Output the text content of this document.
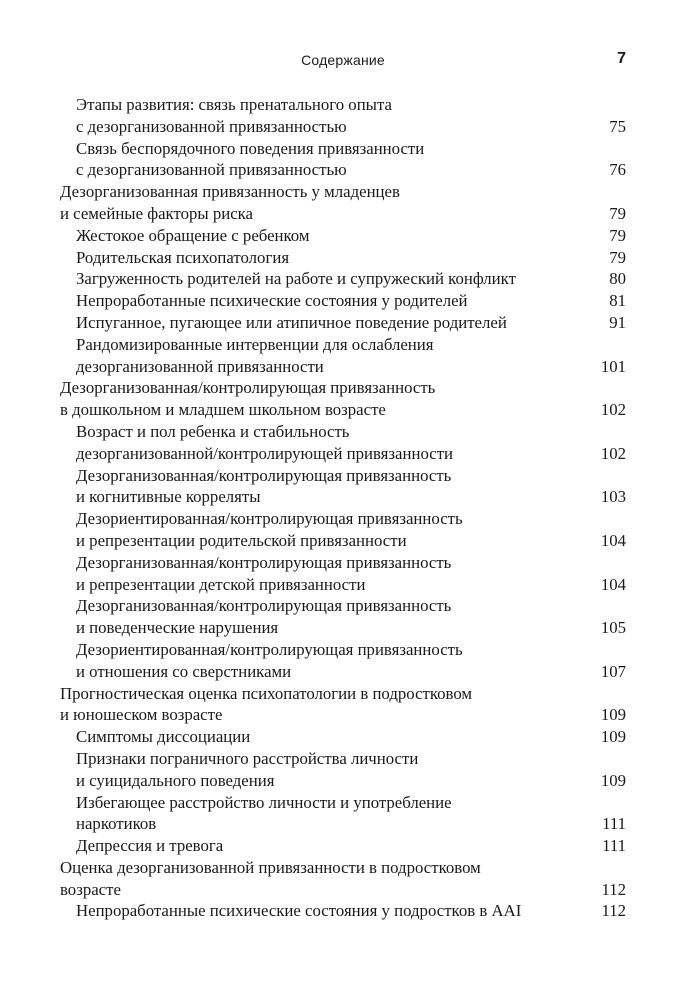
Содержание	7
Этапы развития: связь пренатального опыта
с дезорганизованной привязанностью	75
Связь беспорядочного поведения привязанности
с дезорганизованной привязанностью	76
Дезорганизованная привязанность у младенцев
и семейные факторы риска	79
Жестокое обращение с ребенком	79
Родительская психопатология	79
Загруженность родителей на работе и супружеский конфликт	80
Непроработанные психические состояния у родителей	81
Испуганное, пугающее или атипичное поведение родителей	91
Рандомизированные интервенции для ослабления
дезорганизованной привязанности	101
Дезорганизованная/контролирующая привязанность
в дошкольном и младшем школьном возрасте	102
Возраст и пол ребенка и стабильность
дезорганизованной/контролирующей привязанности	102
Дезорганизованная/контролирующая привязанность
и когнитивные корреляты	103
Дезориентированная/контролирующая привязанность
и репрезентации родительской привязанности	104
Дезорганизованная/контролирующая привязанность
и репрезентации детской привязанности	104
Дезорганизованная/контролирующая привязанность
и поведенческие нарушения	105
Дезориентированная/контролирующая привязанность
и отношения со сверстниками	107
Прогностическая оценка психопатологии в подростковом
и юношеском возрасте	109
Симптомы диссоциации	109
Признаки пограничного расстройства личности
и суицидального поведения	109
Избегающее расстройство личности и употребление
наркотиков	111
Депрессия и тревога	111
Оценка дезорганизованной привязанности в подростковом
возрасте	112
Непроработанные психические состояния у подростков в AAI	112
